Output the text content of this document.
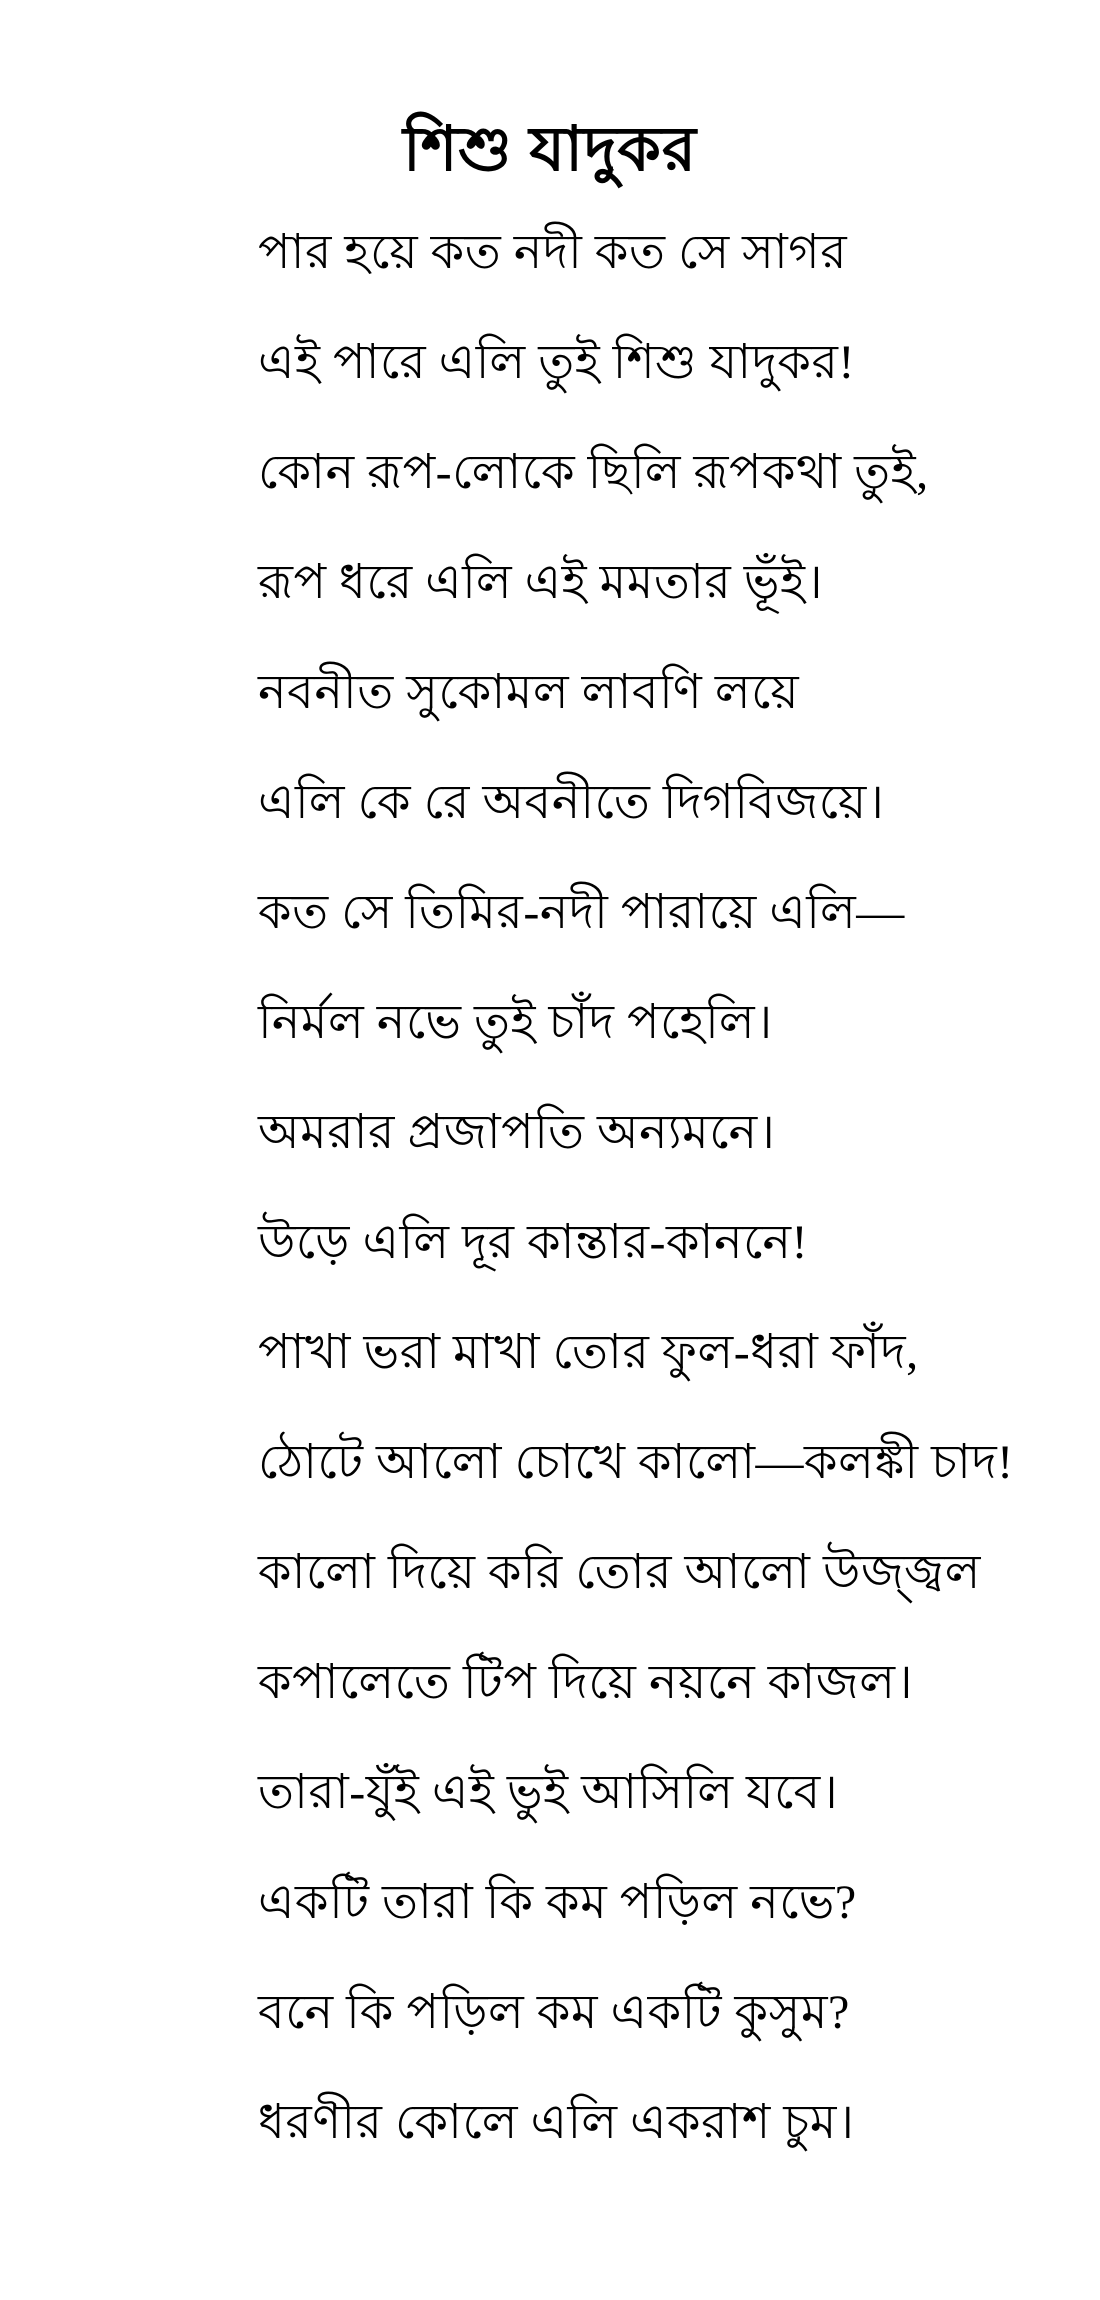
শিশু যাদুকর
পার হয়ে কত নদী কত সে সাগর
এই পারে এলি তুই শিশু যাদুকর!
কোন রূপ-লোকে ছিলি রূপকথা তুই,
রূপ ধরে এলি এই মমতার ভূঁই।
নবনীত সুকোমল লাবণি লয়ে
এলি কে রে অবনীতে দিগবিজয়ে।
কত সে তিমির-নদী পারায়ে এলি—
নির্মল নভে তুই চাঁদ পহেলি।
অমরার প্রজাপতি অন্যমনে।
উড়ে এলি দূর কান্তার-কাননে!
পাখা ভরা মাখা তোর ফুল-ধরা ফাঁদ,
ঠোটে আলো চোখে কালো—কলঙ্কী চাদ!
কালো দিয়ে করি তোর আলো উজ্জ্বল
কপালেতে টিপ দিয়ে নয়নে কাজল।
তারা-যুঁই এই ভুই আসিলি যবে।
একটি তারা কি কম পড়িল নভে?
বনে কি পড়িল কম একটি কুসুম?
ধরণীর কোলে এলি একরাশ চুম।
